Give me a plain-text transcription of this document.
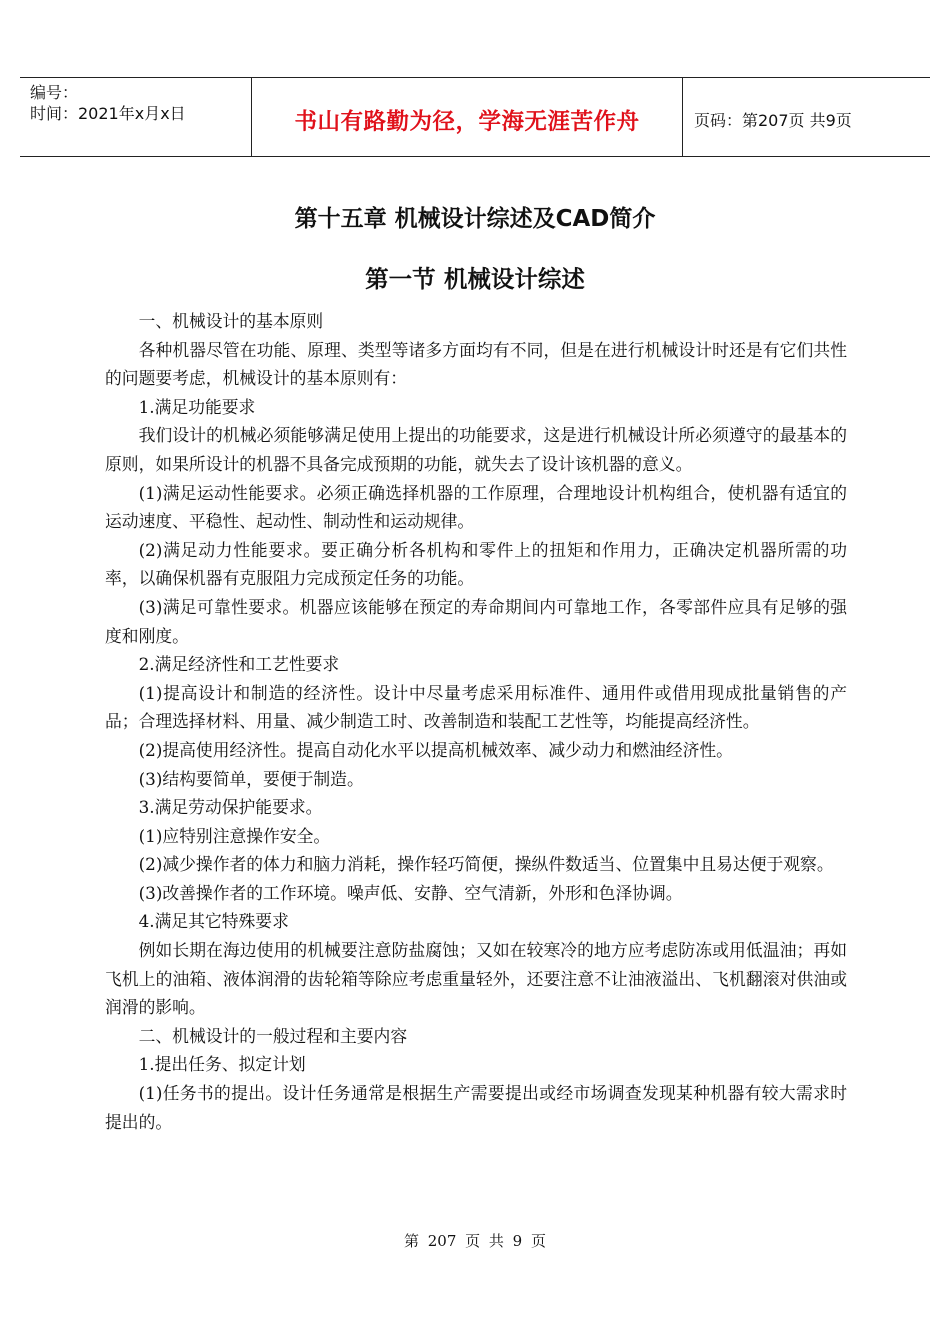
编号：
时间：2021年x月x日	书山有路勤为径，学海无涯苦作舟	页码：第207页 共9页
第十五章 机械设计综述及CAD简介
第一节 机械设计综述

一、机械设计的基本原则

各种机器尽管在功能、原理、类型等诸多方面均有不同，但是在进行机械设计时还是有它们共性的问题要考虑，机械设计的基本原则有：

1.满足功能要求

我们设计的机械必须能够满足使用上提出的功能要求，这是进行机械设计所必须遵守的最基本的原则，如果所设计的机器不具备完成预期的功能，就失去了设计该机器的意义。

(1)满足运动性能要求。必须正确选择机器的工作原理，合理地设计机构组合，使机器有适宜的运动速度、平稳性、起动性、制动性和运动规律。

(2)满足动力性能要求。要正确分析各机构和零件上的扭矩和作用力，正确决定机器所需的功率，以确保机器有克服阻力完成预定任务的功能。

(3)满足可靠性要求。机器应该能够在预定的寿命期间内可靠地工作，各零部件应具有足够的强度和刚度。

2.满足经济性和工艺性要求

(1)提高设计和制造的经济性。设计中尽量考虑采用标准件、通用件或借用现成批量销售的产品；合理选择材料、用量、减少制造工时、改善制造和装配工艺性等，均能提高经济性。

(2)提高使用经济性。提高自动化水平以提高机械效率、减少动力和燃油经济性。

(3)结构要简单，要便于制造。

3.满足劳动保护能要求。

(1)应特别注意操作安全。

(2)减少操作者的体力和脑力消耗，操作轻巧简便，操纵件数适当、位置集中且易达便于观察。

(3)改善操作者的工作环境。噪声低、安静、空气清新，外形和色泽协调。

4.满足其它特殊要求

例如长期在海边使用的机械要注意防盐腐蚀；又如在较寒冷的地方应考虑防冻或用低温油；再如飞机上的油箱、液体润滑的齿轮箱等除应考虑重量轻外，还要注意不让油液溢出、飞机翻滚对供油或润滑的影响。

二、机械设计的一般过程和主要内容

1.提出任务、拟定计划

(1)任务书的提出。设计任务通常是根据生产需要提出或经市场调查发现某种机器有较大需求时提出的。

第 207 页 共 9 页
